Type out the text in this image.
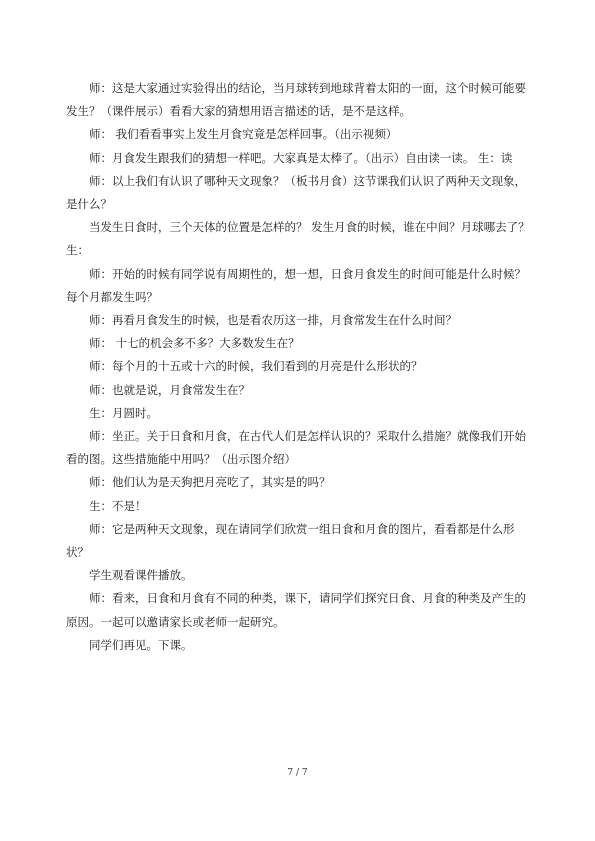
师：这是大家通过实验得出的结论，当月球转到地球背着太阳的一面，这个时候可能要发生？（课件展示）看看大家的猜想用语言描述的话，是不是这样。

师： 我们看看事实上发生月食究竟是怎样回事。（出示视频）

师：月食发生跟我们的猜想一样吧。大家真是太棒了。（出示）自由读一读。 生：读

师：以上我们有认识了哪种天文现象？（板书月食）这节课我们认识了两种天文现象，是什么？

当发生日食时，三个天体的位置是怎样的？ 发生月食的时候，谁在中间？月球哪去了？ 生：

师：开始的时候有同学说有周期性的，想一想，日食月食发生的时间可能是什么时候？每个月都发生吗？

师：再看月食发生的时候，也是看农历这一排，月食常发生在什么时间？

师： 十七的机会多不多？大多数发生在？

师：每个月的十五或十六的时候，我们看到的月亮是什么形状的？

师：也就是说，月食常发生在？

生：月圆时。

师：坐正。关于日食和月食，在古代人们是怎样认识的？采取什么措施？就像我们开始看的图。这些措施能中用吗？（出示图介绍）

师：他们认为是天狗把月亮吃了，其实是的吗？

生：不是！

师：它是两种天文现象，现在请同学们欣赏一组日食和月食的图片，看看都是什么形状？

学生观看课件播放。

师：看来，日食和月食有不同的种类，课下，请同学们探究日食、月食的种类及产生的原因。一起可以邀请家长或老师一起研究。

同学们再见。下课。

7 / 7
